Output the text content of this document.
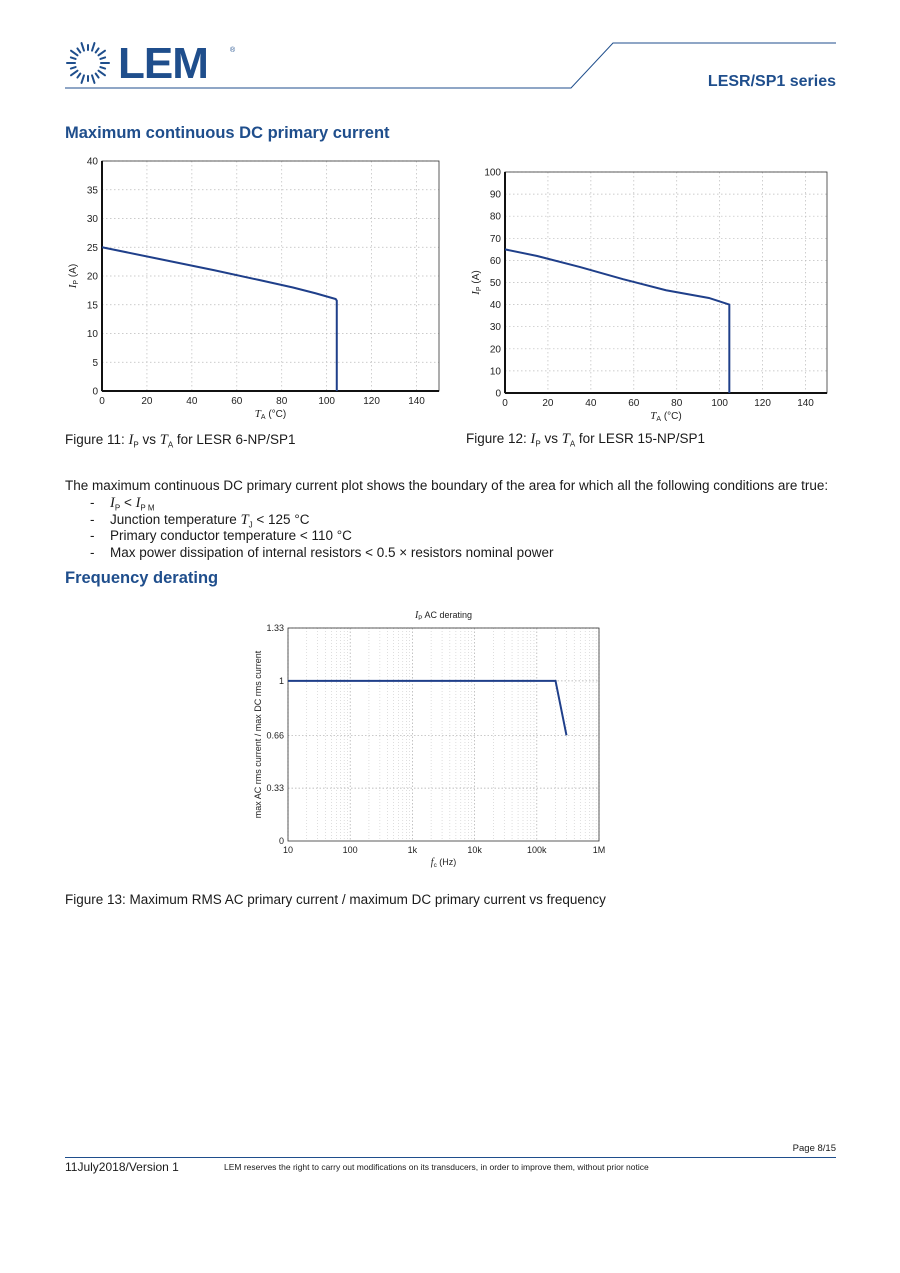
LEM	®
LESR/SP1 series
Maximum continuous DC primary current
0	20	40	60	80	100	120	140
0
5
10
15
20
25
30
35
40
$T_A$ (°C)
$I_P$ (A)
0	20	40	60	80	100	120	140
0
10
20
30
40
50
60
70
80
90
100
$T_A$ (°C)
$I_P$ (A)
Figure 11: $I_P$ vs $T_A$ for LESR 6-NP/SP1	Figure 12: $I_P$ vs $T_A$ for LESR 15-NP/SP1
The maximum continuous DC primary current plot shows the boundary of the area for which all the following conditions are true:
- $I_P < I_{P M}$
- Junction temperature $T_J < 125$ °C
- Primary conductor temperature < 110 °C
- Max power dissipation of internal resistors < 0.5 × resistors nominal power
Frequency derating
10	100	1k	10k	100k	1M
0
0.33
0.66
1
1.33
$I_P$ AC derating
$f_c$ (Hz)
max AC rms current / max DC rms current
Figure 13: Maximum RMS AC primary current / maximum DC primary current vs frequency
Page 8/15
11July2018/Version 1	LEM reserves the right to carry out modifications on its transducers, in order to improve them, without prior notice
